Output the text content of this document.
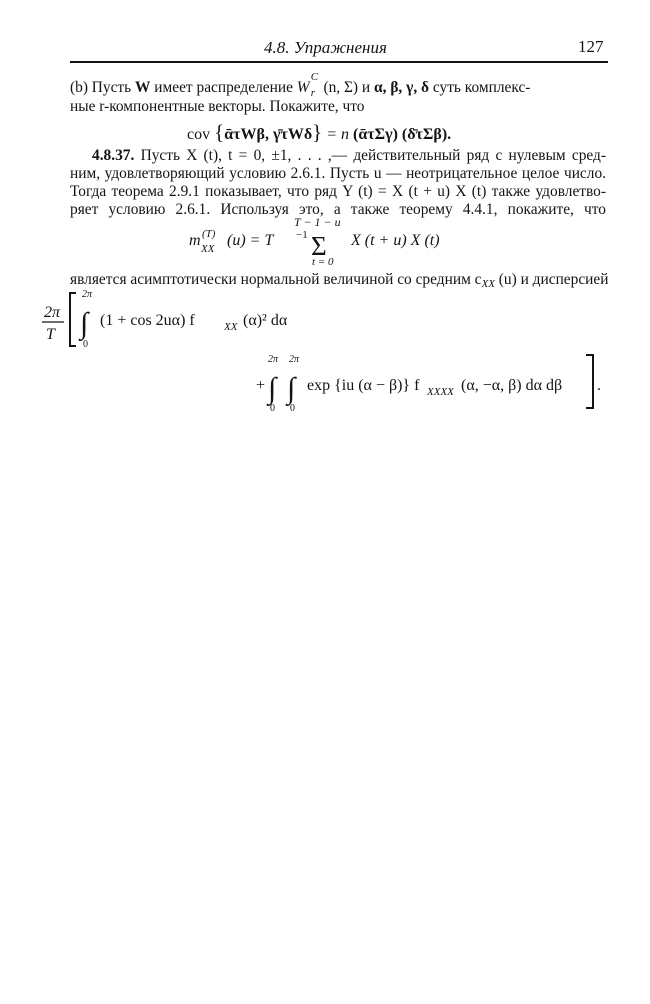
4.8. Упражнения	127
(b) Пусть W имеет распределение W
C
r (n, Σ) и α, β, γ, δ суть комплекс-
ные r-компонентные векторы. Покажите, что
cov {ᾱτWβ, γ̄τWδ} = n (ᾱτΣγ) (δ̄τΣβ).
4.8.37. Пусть X (t), t = 0, ±1, . . . ,— действительный ряд с нулевым сред-
ним, удовлетворяющий условию 2.6.1. Пусть u — неотрицательное целое число.
Тогда теорема 2.9.1 показывает, что ряд Y (t) = X (t + u) X (t) также удовлетво-
ряет условию 2.6.1. Используя это, а также теорему 4.4.1, покажите, что
m (T)
XX (u) = T −1
T − 1 − u
Σ
t = 0
X (t + u) X (t)
является асимптотически нормальной величиной со средним cXX (u) и дисперсией
2π
T
2π
∫
0
(1 + cos 2uα) f	XX (α)² dα
+
2π
∫
0
2π
∫
0
exp {iu (α − β)} f XXXX (α, −α, β) dα dβ .
